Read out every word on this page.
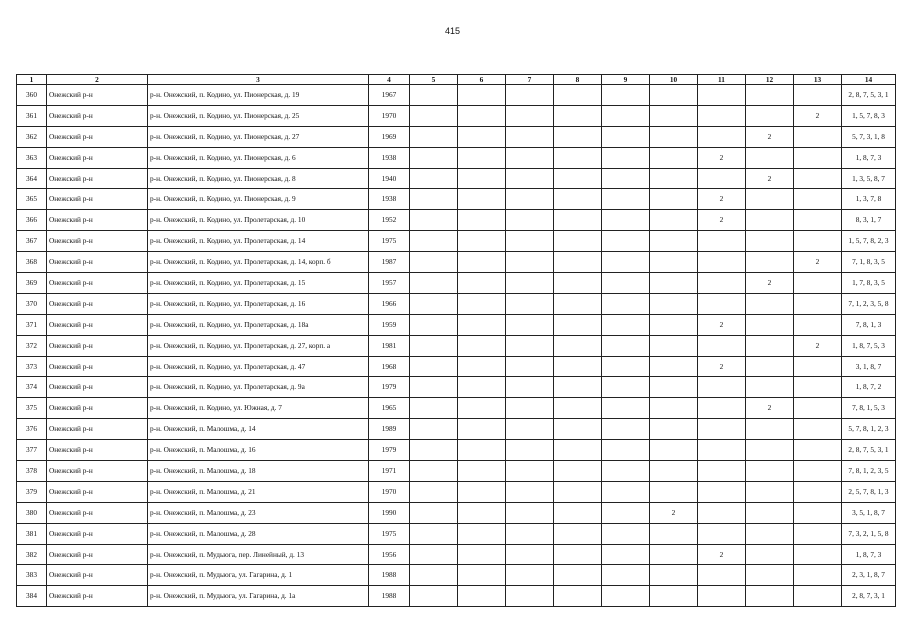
415
1	2	3	4	5	6	7	8	9	10	11	12	13	14
360	Онежский р-н	р-н. Онежский, п. Кодино, ул. Пионерская, д. 19	1967										2, 8, 7, 5, 3, 1
361	Онежский р-н	р-н. Онежский, п. Кодино, ул. Пионерская, д. 25	1970									2	1, 5, 7, 8, 3
362	Онежский р-н	р-н. Онежский, п. Кодино, ул. Пионерская, д. 27	1969								2		5, 7, 3, 1, 8
363	Онежский р-н	р-н. Онежский, п. Кодино, ул. Пионерская, д. 6	1938							2			1, 8, 7, 3
364	Онежский р-н	р-н. Онежский, п. Кодино, ул. Пионерская, д. 8	1940								2		1, 3, 5, 8, 7
365	Онежский р-н	р-н. Онежский, п. Кодино, ул. Пионерская, д. 9	1938							2			1, 3, 7, 8
366	Онежский р-н	р-н. Онежский, п. Кодино, ул. Пролетарская, д. 10	1952							2			8, 3, 1, 7
367	Онежский р-н	р-н. Онежский, п. Кодино, ул. Пролетарская, д. 14	1975										1, 5, 7, 8, 2, 3
368	Онежский р-н	р-н. Онежский, п. Кодино, ул. Пролетарская, д. 14, корп. б	1987									2	7, 1, 8, 3, 5
369	Онежский р-н	р-н. Онежский, п. Кодино, ул. Пролетарская, д. 15	1957								2		1, 7, 8, 3, 5
370	Онежский р-н	р-н. Онежский, п. Кодино, ул. Пролетарская, д. 16	1966										7, 1, 2, 3, 5, 8
371	Онежский р-н	р-н. Онежский, п. Кодино, ул. Пролетарская, д. 18а	1959							2			7, 8, 1, 3
372	Онежский р-н	р-н. Онежский, п. Кодино, ул. Пролетарская, д. 27, корп. а	1981									2	1, 8, 7, 5, 3
373	Онежский р-н	р-н. Онежский, п. Кодино, ул. Пролетарская, д. 47	1968							2			3, 1, 8, 7
374	Онежский р-н	р-н. Онежский, п. Кодино, ул. Пролетарская, д. 9а	1979										1, 8, 7, 2
375	Онежский р-н	р-н. Онежский, п. Кодино, ул. Южная, д. 7	1965								2		7, 8, 1, 5, 3
376	Онежский р-н	р-н. Онежский, п. Малошма, д. 14	1989										5, 7, 8, 1, 2, 3
377	Онежский р-н	р-н. Онежский, п. Малошма, д. 16	1979										2, 8, 7, 5, 3, 1
378	Онежский р-н	р-н. Онежский, п. Малошма, д. 18	1971										7, 8, 1, 2, 3, 5
379	Онежский р-н	р-н. Онежский, п. Малошма, д. 21	1970										2, 5, 7, 8, 1, 3
380	Онежский р-н	р-н. Онежский, п. Малошма, д. 23	1990						2				3, 5, 1, 8, 7
381	Онежский р-н	р-н. Онежский, п. Малошма, д. 28	1975										7, 3, 2, 1, 5, 8
382	Онежский р-н	р-н. Онежский, п. Мудьюга, пер. Линейный, д. 13	1956							2			1, 8, 7, 3
383	Онежский р-н	р-н. Онежский, п. Мудьюга, ул. Гагарина, д. 1	1988										2, 3, 1, 8, 7
384	Онежский р-н	р-н. Онежский, п. Мудьюга, ул. Гагарина, д. 1а	1988										2, 8, 7, 3, 1
